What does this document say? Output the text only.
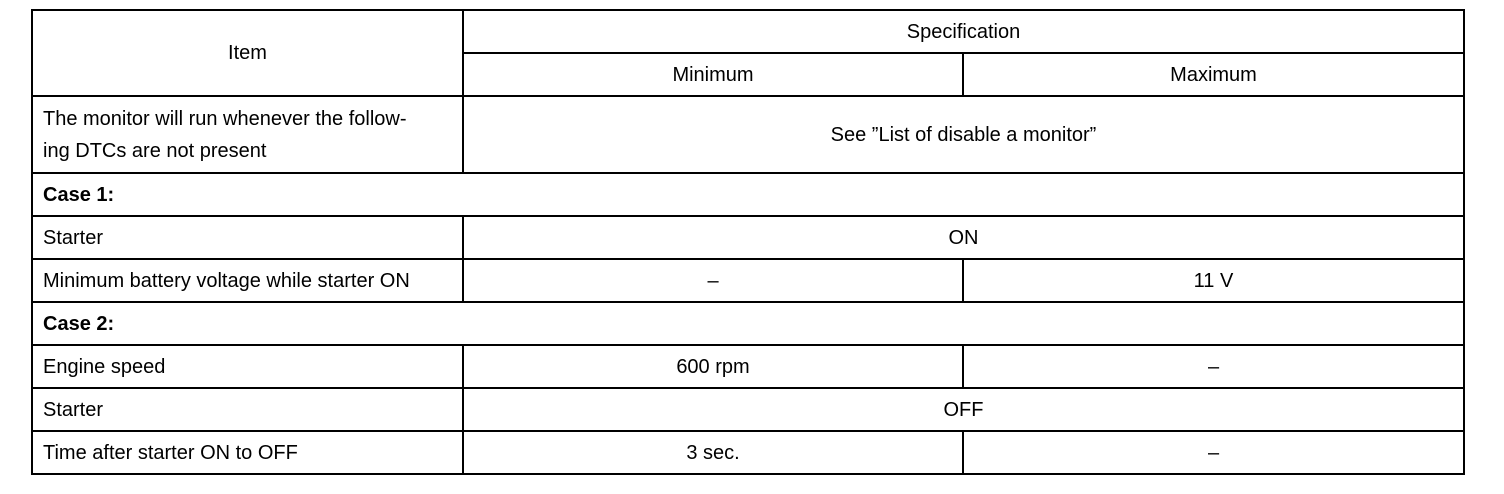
Item	Specification	
	Minimum	Maximum
The monitor will run whenever the follow-
ing DTCs are not present	See ”List of disable a monitor”	
Case 1:		
Starter	ON	
Minimum battery voltage while starter ON	–	11 V
Case 2:		
Engine speed	600 rpm	–
Starter	OFF	
Time after starter ON to OFF	3 sec.	–
